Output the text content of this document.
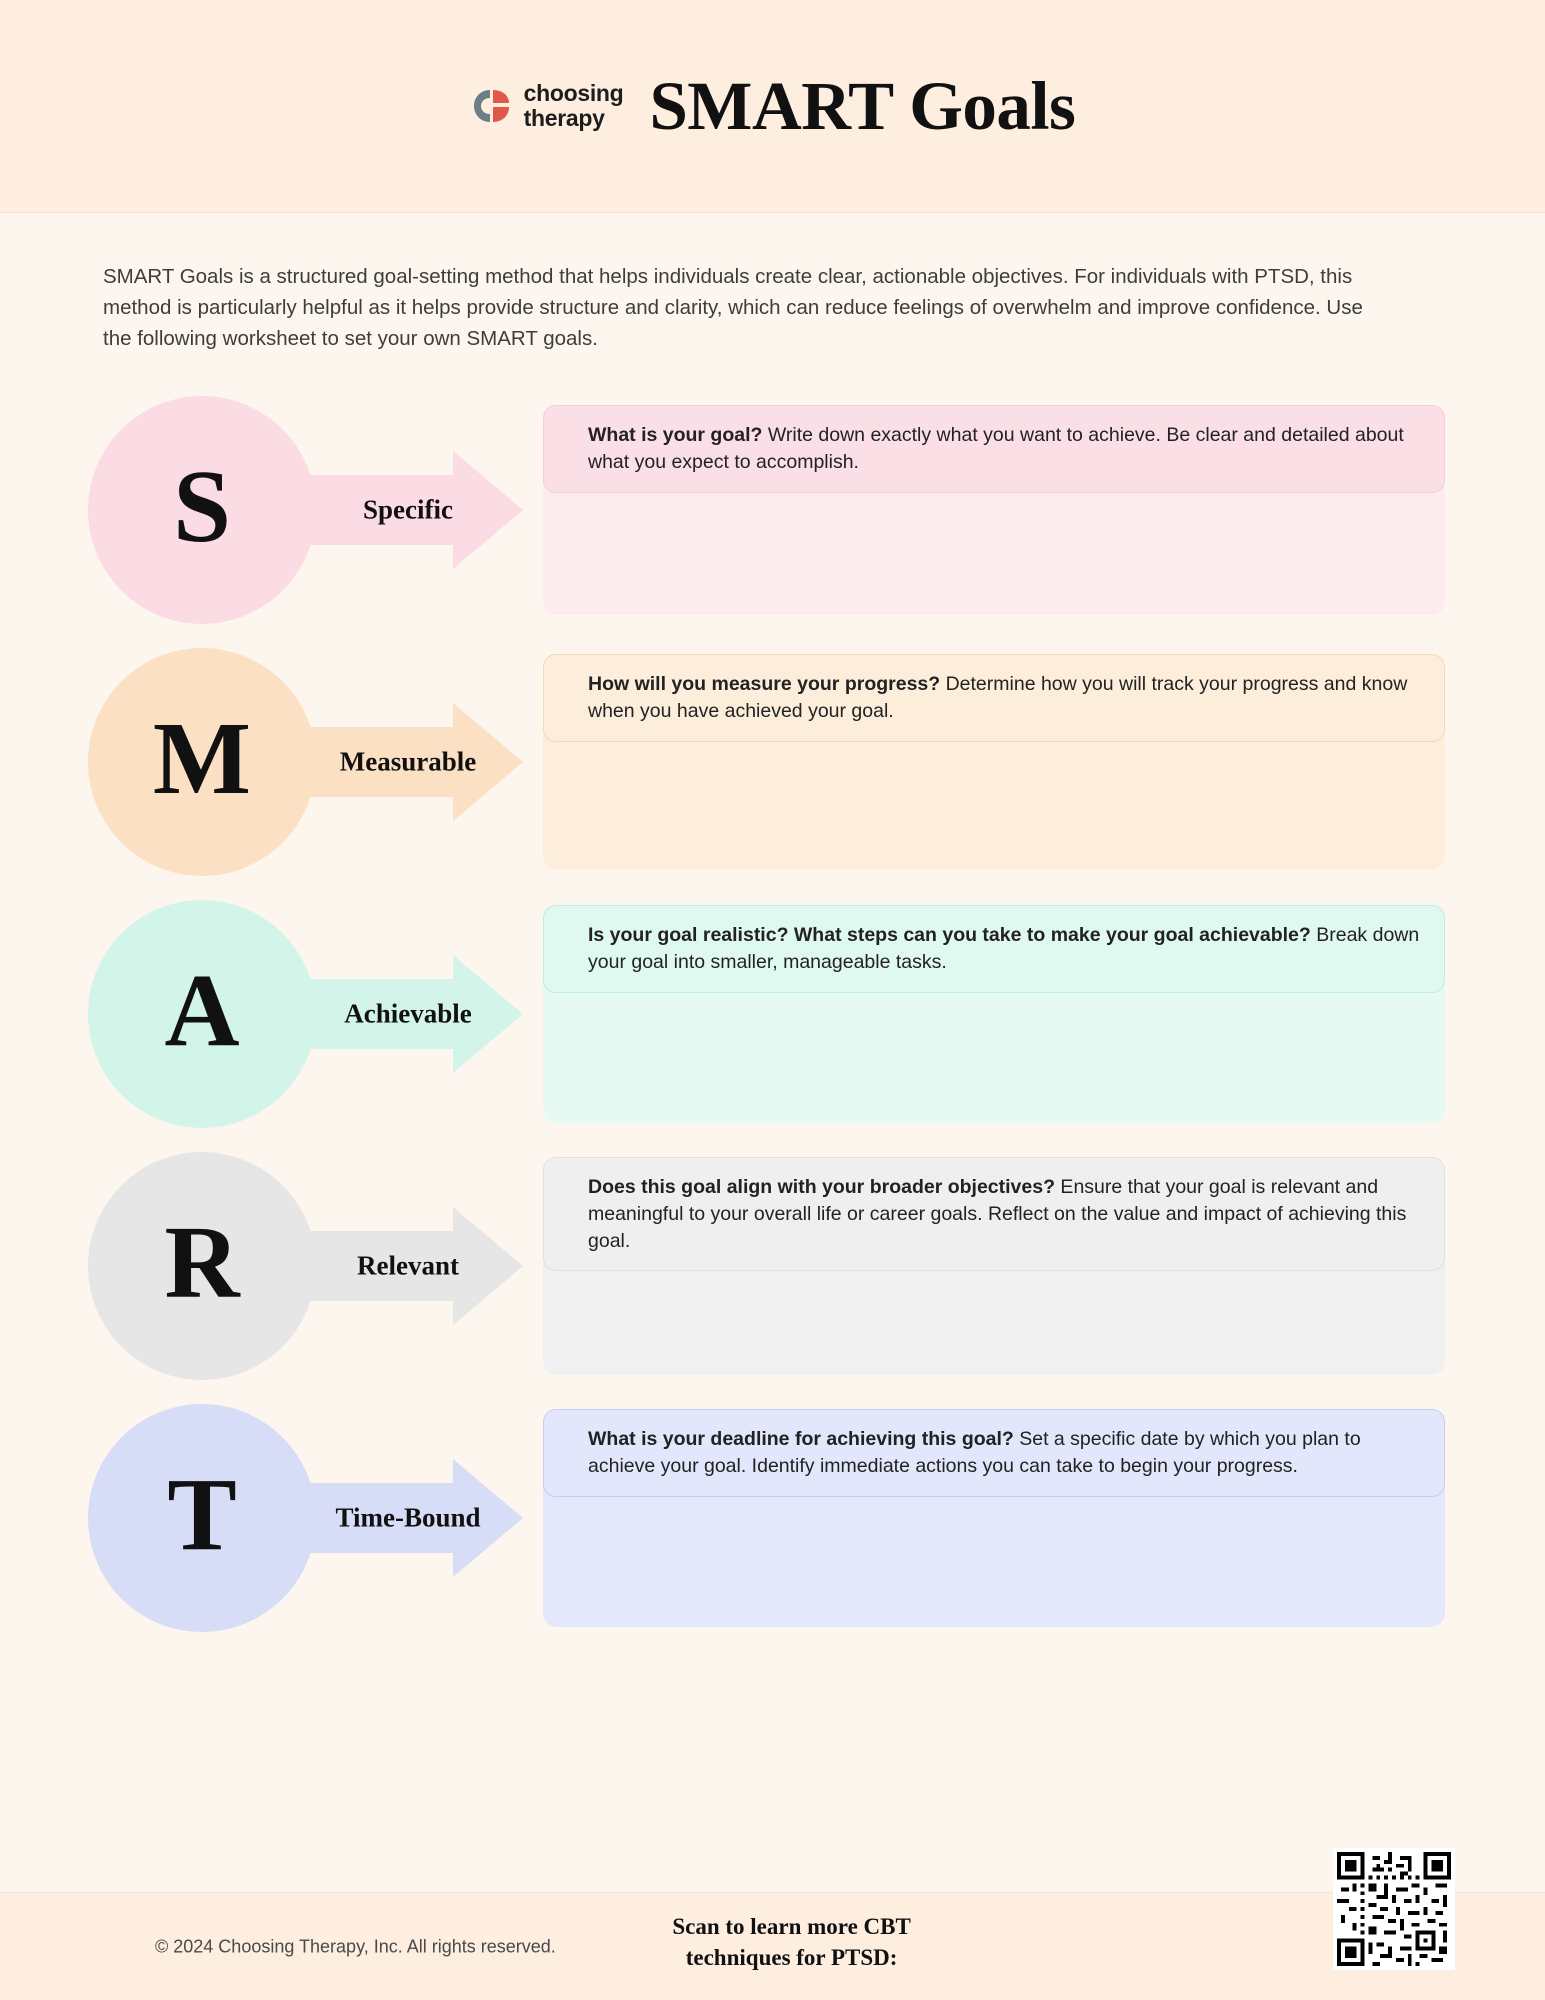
choosing
therapy SMART Goals
SMART Goals is a structured goal-setting method that helps individuals create clear, actionable objectives. For individuals with PTSD, this method is particularly helpful as it helps provide structure and clarity, which can reduce feelings of overwhelm and improve confidence. Use the following worksheet to set your own SMART goals.
S	Specific
What is your goal? Write down exactly what you want to achieve. Be clear and detailed about what you expect to accomplish.
M	Measurable
How will you measure your progress? Determine how you will track your progress and know when you have achieved your goal.
A	Achievable
Is your goal realistic? What steps can you take to make your goal achievable? Break down your goal into smaller, manageable tasks.
R	Relevant
Does this goal align with your broader objectives? Ensure that your goal is relevant and meaningful to your overall life or career goals. Reflect on the value and impact of achieving this goal.
T	Time-Bound
What is your deadline for achieving this goal? Set a specific date by which you plan to achieve your goal. Identify immediate actions you can take to begin your progress.
© 2024 Choosing Therapy, Inc. All rights reserved.
Scan to learn more CBT
techniques for PTSD:
